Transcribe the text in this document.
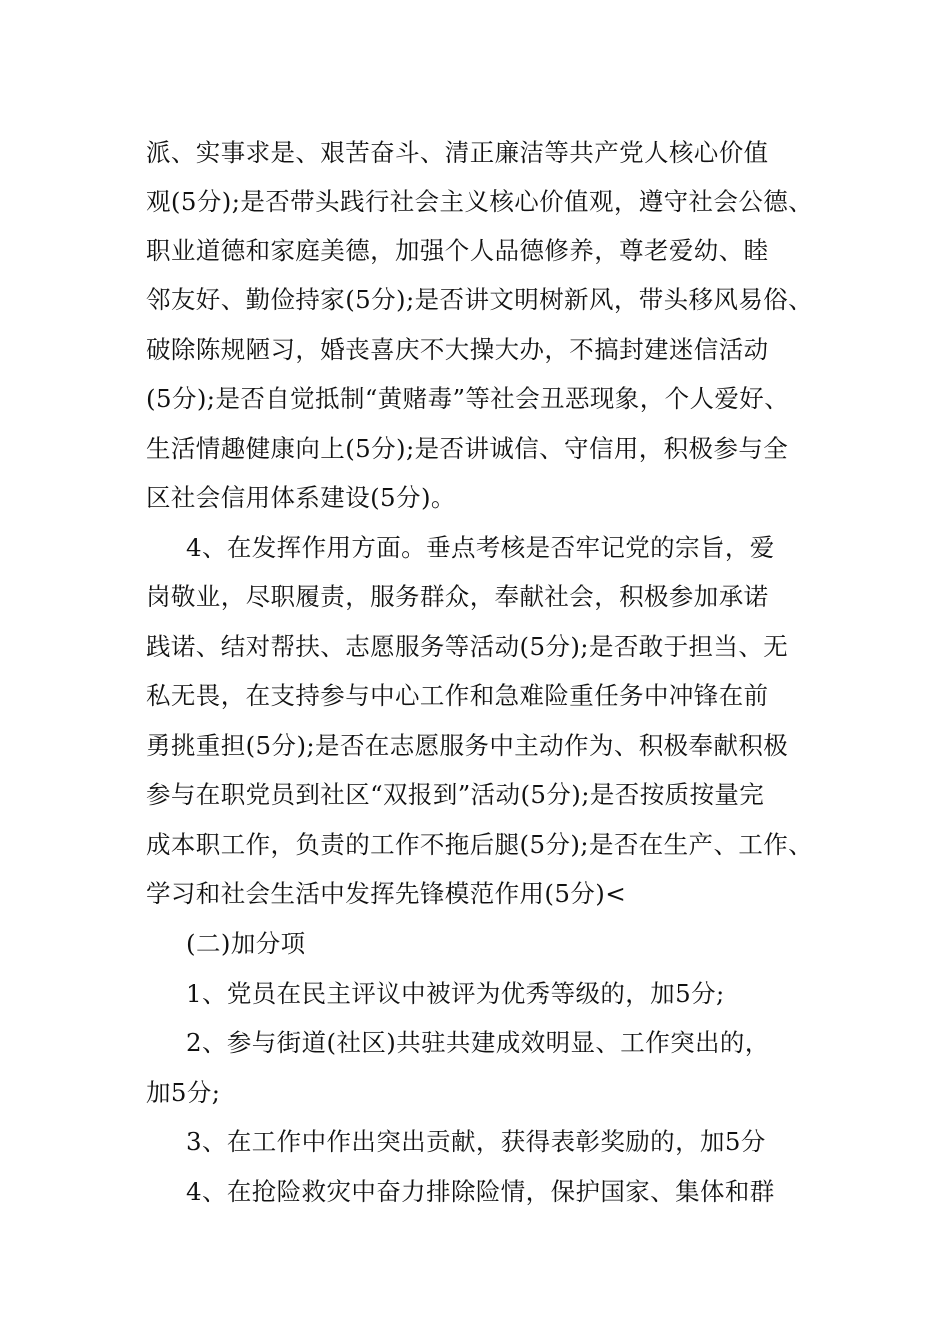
派、实事求是、艰苦奋斗、清正廉洁等共产党人核心价值
观(5分);是否带头践行社会主义核心价值观，遵守社会公德、
职业道德和家庭美德，加强个人品德修养，尊老爱幼、睦
邻友好、勤俭持家(5分);是否讲文明树新风，带头移风易俗、
破除陈规陋习，婚丧喜庆不大操大办，不搞封建迷信活动
(5分);是否自觉抵制“黄赌毒”等社会丑恶现象，个人爱好、
生活情趣健康向上(5分);是否讲诚信、守信用，积极参与全
区社会信用体系建设(5分)。
4、在发挥作用方面。垂点考核是否牢记党的宗旨，爱
岗敬业，尽职履责，服务群众，奉献社会，积极参加承诺
践诺、结对帮扶、志愿服务等活动(5分);是否敢于担当、无
私无畏，在支持参与中心工作和急难险重任务中冲锋在前
勇挑重担(5分);是否在志愿服务中主动作为、积极奉献积极
参与在职党员到社区“双报到”活动(5分);是否按质按量完
成本职工作，负责的工作不拖后腿(5分);是否在生产、工作、
学习和社会生活中发挥先锋模范作用(5分)<
(二)加分项
1、党员在民主评议中被评为优秀等级的，加5分;
2、参与街道(社区)共驻共建成效明显、工作突出的，
加5分;
3、在工作中作出突出贡献，获得表彰奖励的，加5分
4、在抢险救灾中奋力排除险情，保护国家、集体和群
